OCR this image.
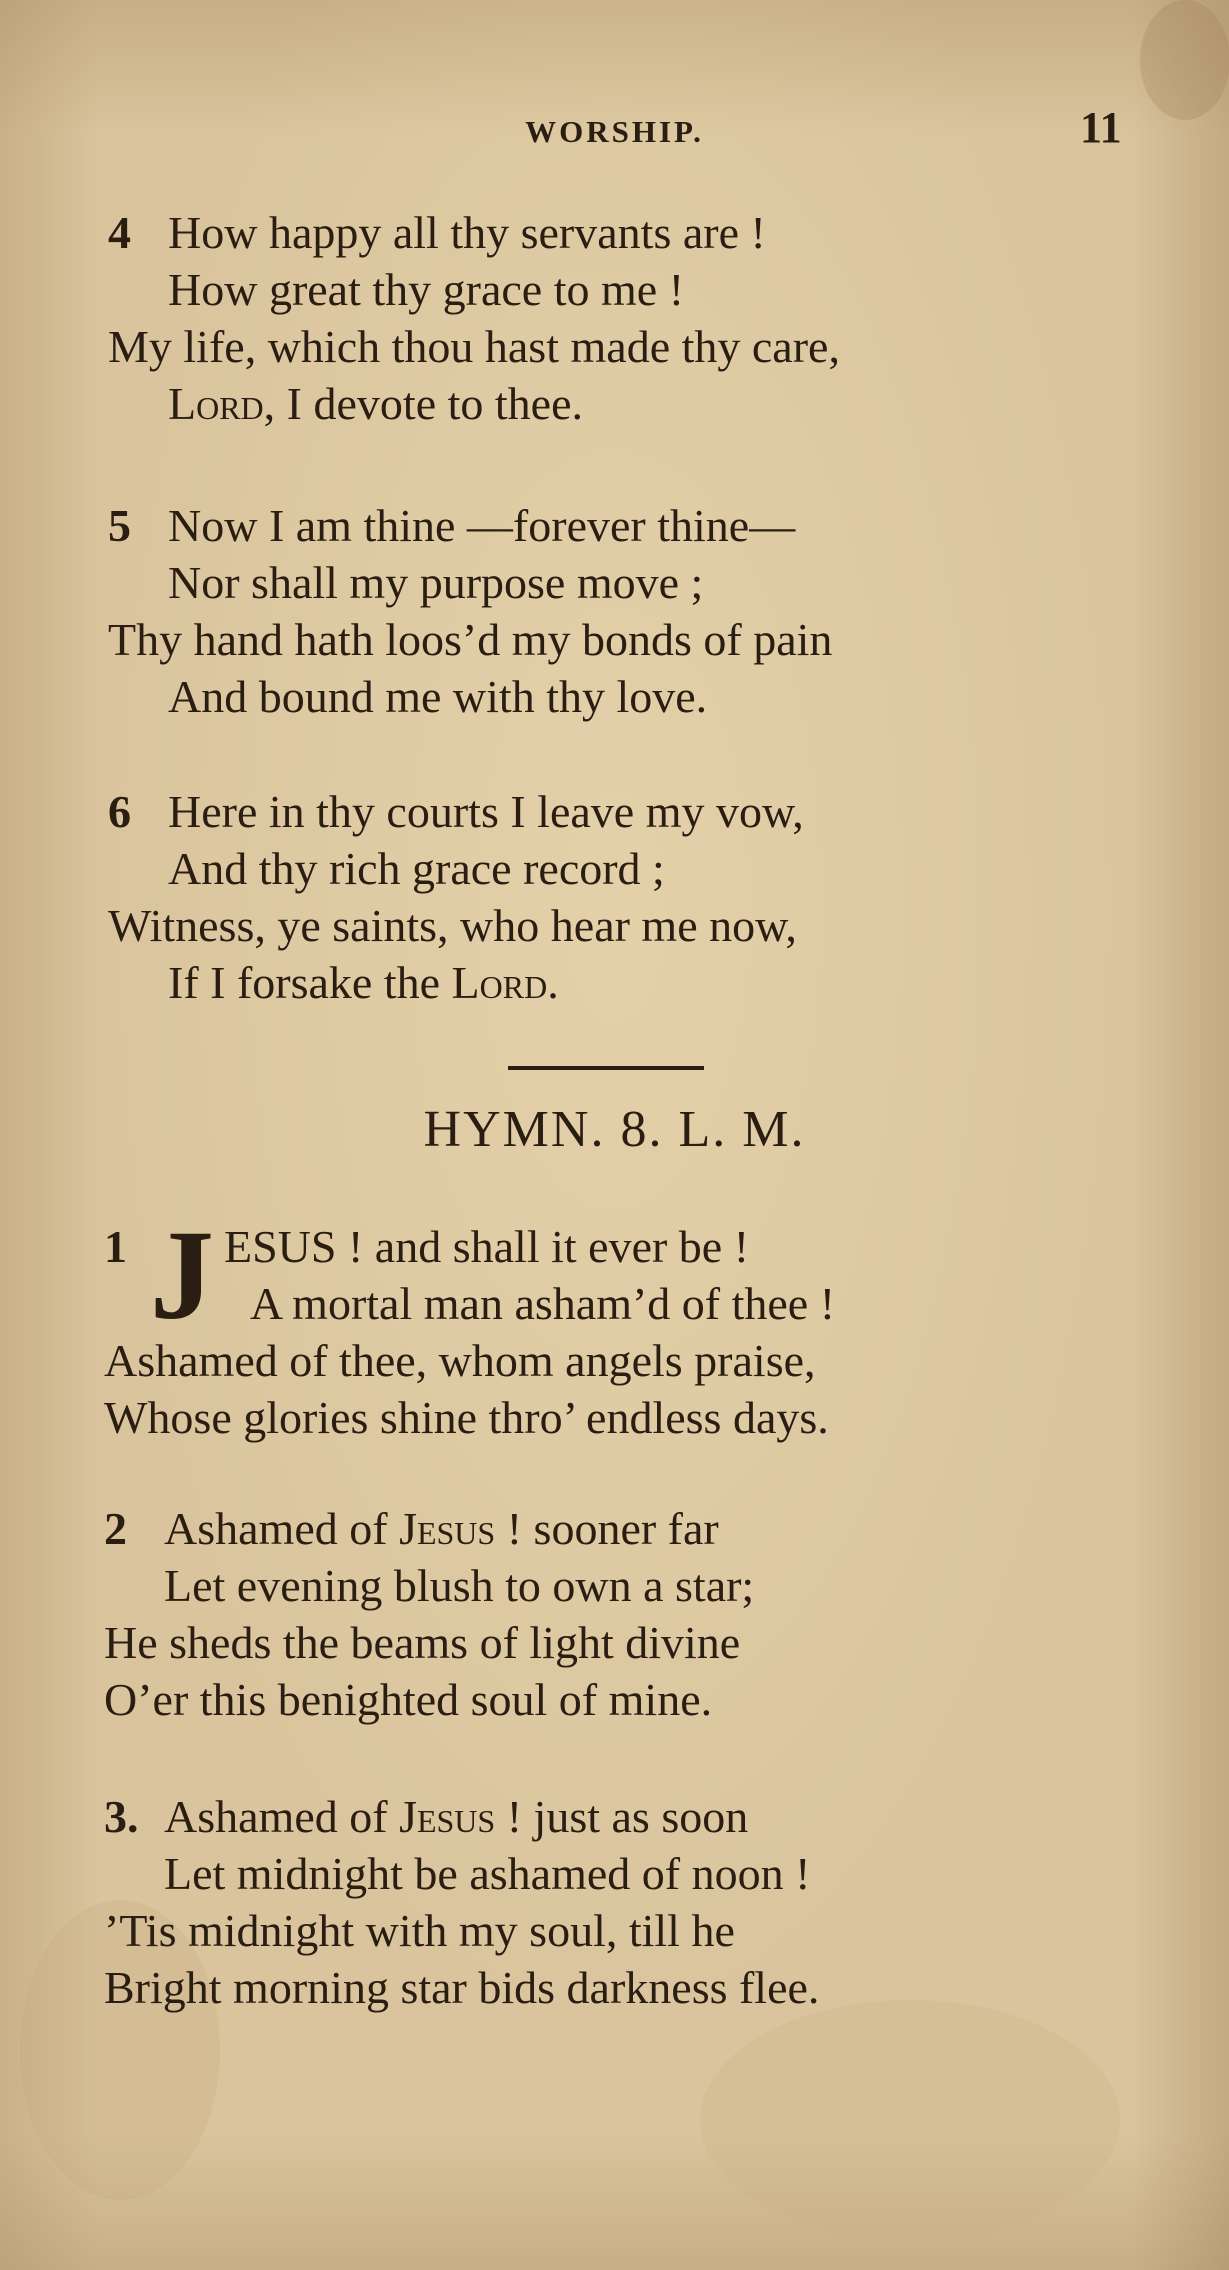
WORSHIP.	11
4 How happy all thy servants are !
How great thy grace to me !
My life, which thou hast made thy care,
Lord, I devote to thee.
5 Now I am thine —forever thine—
Nor shall my purpose move ;
Thy hand hath loos’d my bonds of pain
And bound me with thy love.
6 Here in thy courts I leave my vow,
And thy rich grace record ;
Witness, ye saints, who hear me now,
If I forsake the Lord.
HYMN. 8. L. M.
1 J ESUS ! and shall it ever be !
A mortal man asham’d of thee !
Ashamed of thee, whom angels praise,
Whose glories shine thro’ endless days.
2 Ashamed of Jesus ! sooner far
Let evening blush to own a star;
He sheds the beams of light divine
O’er this benighted soul of mine.
3. Ashamed of Jesus ! just as soon
Let midnight be ashamed of noon !
’Tis midnight with my soul, till he
Bright morning star bids darkness flee.
